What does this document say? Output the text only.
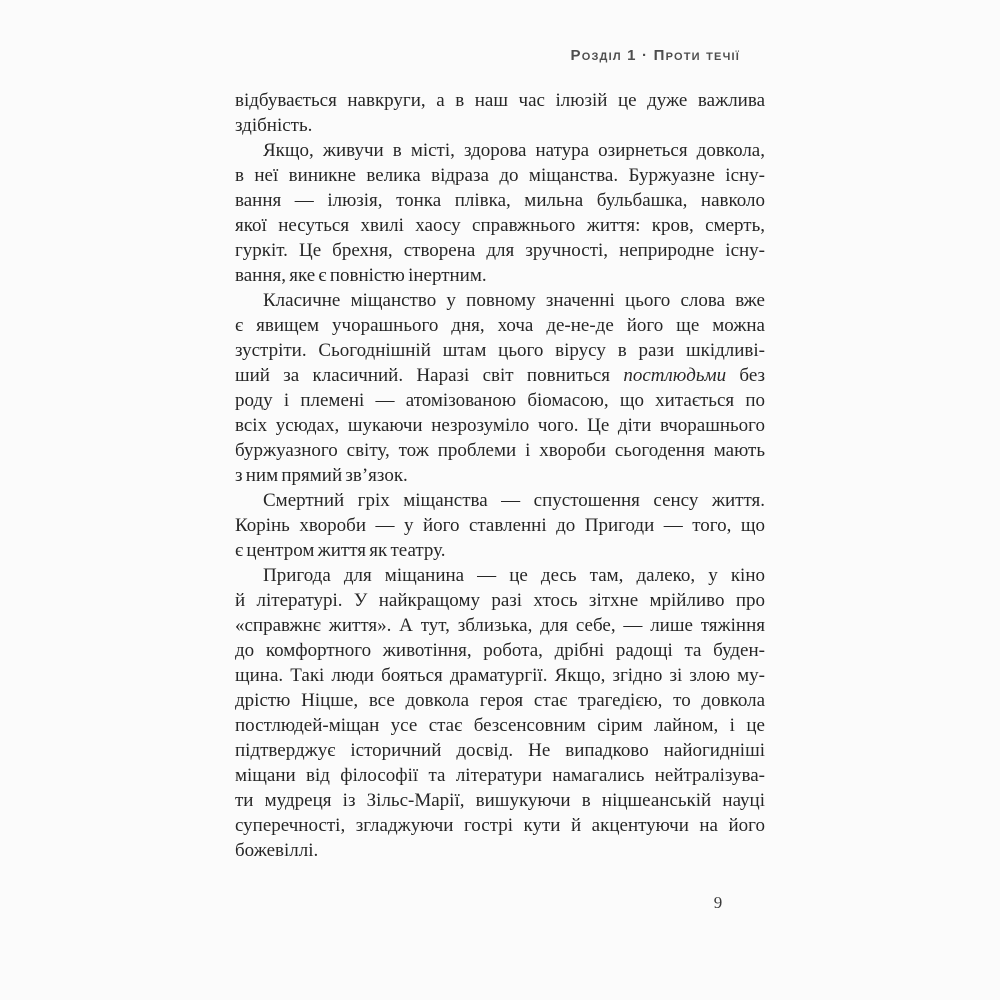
Розділ 1 · Проти течії
відбувається навкруги, а в наш час ілюзій це дуже важлива
здібність.
Якщо, живучи в місті, здорова натура озирнеться довкола,
в неї виникне велика відраза до міщанства. Буржуазне існу-
вання — ілюзія, тонка плівка, мильна бульбашка, навколо
якої несуться хвилі хаосу справжнього життя: кров, смерть,
гуркіт. Це брехня, створена для зручності, неприродне існу-
вання, яке є повністю інертним.
Класичне міщанство у повному значенні цього слова вже
є явищем учорашнього дня, хоча де-не-де його ще можна
зустріти. Сьогоднішній штам цього вірусу в рази шкідливі-
ший за класичний. Наразі світ повниться постлюдьми без
роду і племені — атомізованою біомасою, що хитається по
всіх усюдах, шукаючи незрозуміло чого. Це діти вчорашнього
буржуазного світу, тож проблеми і хвороби сьогодення мають
з ним прямий зв’язок.
Смертний гріх міщанства — спустошення сенсу життя.
Корінь хвороби — у його ставленні до Пригоди — того, що
є центром життя як театру.
Пригода для міщанина — це десь там, далеко, у кіно
й літературі. У найкращому разі хтось зітхне мрійливо про
«справжнє життя». А тут, зблизька, для себе, — лише тяжіння
до комфортного животіння, робота, дрібні радощі та буден-
щина. Такі люди бояться драматургії. Якщо, згідно зі злою му-
дрістю Ніцше, все довкола героя стає трагедією, то довкола
постлюдей-міщан усе стає безсенсовним сірим лайном, і це
підтверджує історичний досвід. Не випадково найогидніші
міщани від філософії та літератури намагались нейтралізува-
ти мудреця із Зільс-Марії, вишукуючи в ніцшеанській науці
суперечності, згладжуючи гострі кути й акцентуючи на його
божевіллі.
9
